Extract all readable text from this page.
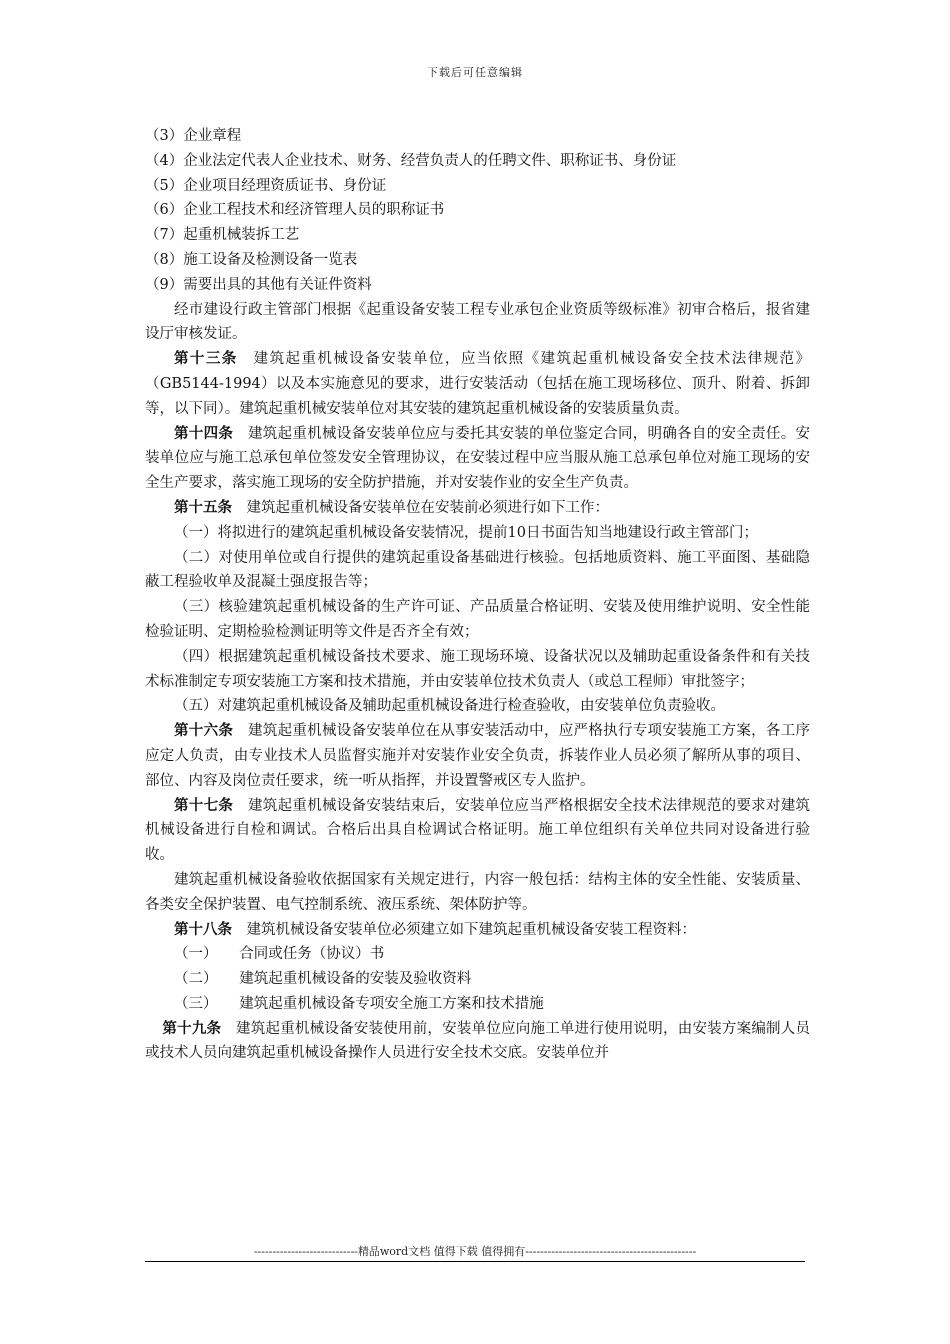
下载后可任意编辑

（3）企业章程

（4）企业法定代表人企业技术、财务、经营负责人的任聘文件、职称证书、身份证

（5）企业项目经理资质证书、身份证

（6）企业工程技术和经济管理人员的职称证书

（7）起重机械装拆工艺

（8）施工设备及检测设备一览表

（9）需要出具的其他有关证件资料

经市建设行政主管部门根据《起重设备安装工程专业承包企业资质等级标准》初审合格后，报省建设厅审核发证。

第十三条  建筑起重机械设备安装单位，应当依照《建筑起重机械设备安全技术法律规范》（GB5144-1994）以及本实施意见的要求，进行安装活动（包括在施工现场移位、顶升、附着、拆卸等，以下同）。建筑起重机械安装单位对其安装的建筑起重机械设备的安装质量负责。

第十四条  建筑起重机械设备安装单位应与委托其安装的单位鉴定合同，明确各自的安全责任。安装单位应与施工总承包单位签发安全管理协议，在安装过程中应当服从施工总承包单位对施工现场的安全生产要求，落实施工现场的安全防护措施，并对安装作业的安全生产负责。

第十五条  建筑起重机械设备安装单位在安装前必须进行如下工作：

（一）将拟进行的建筑起重机械设备安装情况，提前10日书面告知当地建设行政主管部门；

（二）对使用单位或自行提供的建筑起重设备基础进行核验。包括地质资料、施工平面图、基础隐蔽工程验收单及混凝土强度报告等；

（三）核验建筑起重机械设备的生产许可证、产品质量合格证明、安装及使用维护说明、安全性能检验证明、定期检验检测证明等文件是否齐全有效；

（四）根据建筑起重机械设备技术要求、施工现场环境、设备状况以及辅助起重设备条件和有关技术标准制定专项安装施工方案和技术措施，并由安装单位技术负责人（或总工程师）审批签字；

（五）对建筑起重机械设备及辅助起重机械设备进行检查验收，由安装单位负责验收。

第十六条  建筑起重机械设备安装单位在从事安装活动中，应严格执行专项安装施工方案，各工序应定人负责，由专业技术人员监督实施并对安装作业安全负责，拆装作业人员必须了解所从事的项目、部位、内容及岗位责任要求，统一听从指挥，并设置警戒区专人监护。

第十七条  建筑起重机械设备安装结束后，安装单位应当严格根据安全技术法律规范的要求对建筑机械设备进行自检和调试。合格后出具自检调试合格证明。施工单位组织有关单位共同对设备进行验收。

建筑起重机械设备验收依据国家有关规定进行，内容一般包括：结构主体的安全性能、安装质量、各类安全保护装置、电气控制系统、液压系统、架体防护等。

第十八条  建筑机械设备安装单位必须建立如下建筑起重机械设备安装工程资料：

（一）	合同或任务（协议）书
（二）	建筑起重机械设备的安装及验收资料
（三）	建筑起重机械设备专项安全施工方案和技术措施

第十九条  建筑起重机械设备安装使用前，安装单位应向施工单进行使用说明，由安装方案编制人员或技术人员向建筑起重机械设备操作人员进行安全技术交底。安装单位并

----------------------------精品word文档 值得下载 值得拥有----------------------------------------------
